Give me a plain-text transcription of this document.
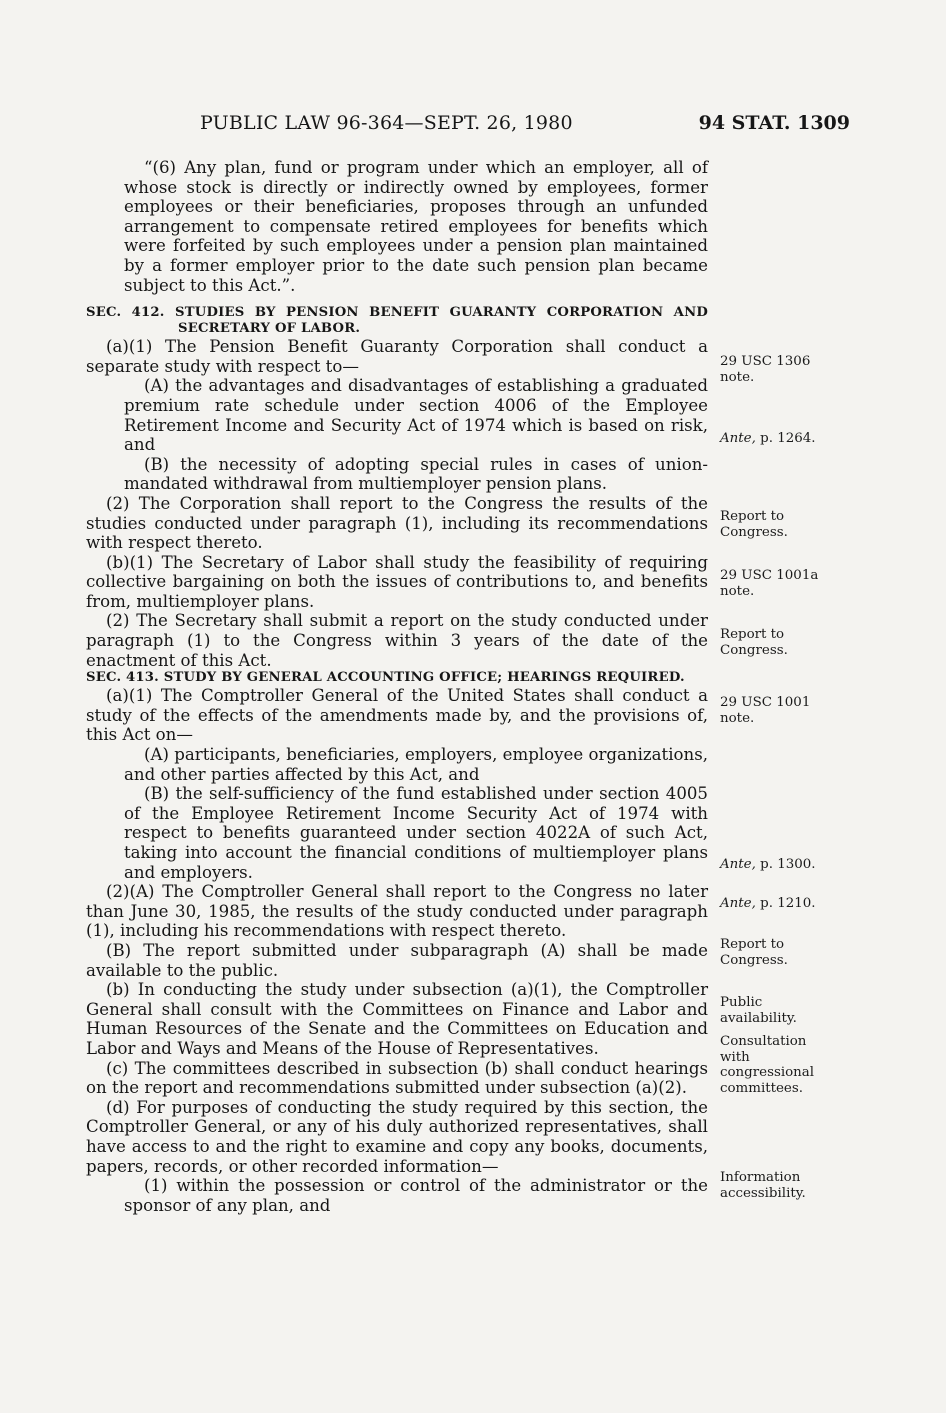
PUBLIC LAW 96-364—SEPT. 26, 1980	94 STAT. 1309

“(6) Any plan, fund or program under which an employer, all of whose stock is directly or indirectly owned by employees, former employees or their beneficiaries, proposes through an unfunded arrangement to compensate retired employees for benefits which were forfeited by such employees under a pension plan maintained by a former employer prior to the date such pension plan became subject to this Act.”.

SEC. 412. STUDIES BY PENSION BENEFIT GUARANTY CORPORATION AND SECRETARY OF LABOR.

(a)(1) The Pension Benefit Guaranty Corporation shall conduct a separate study with respect to—

(A) the advantages and disadvantages of establishing a graduated premium rate schedule under section 4006 of the Employee Retirement Income and Security Act of 1974 which is based on risk, and

(B) the necessity of adopting special rules in cases of union-mandated withdrawal from multiemployer pension plans.

(2) The Corporation shall report to the Congress the results of the studies conducted under paragraph (1), including its recommendations with respect thereto.

(b)(1) The Secretary of Labor shall study the feasibility of requiring collective bargaining on both the issues of contributions to, and benefits from, multiemployer plans.

(2) The Secretary shall submit a report on the study conducted under paragraph (1) to the Congress within 3 years of the date of the enactment of this Act.

SEC. 413. STUDY BY GENERAL ACCOUNTING OFFICE; HEARINGS REQUIRED.

(a)(1) The Comptroller General of the United States shall conduct a study of the effects of the amendments made by, and the provisions of, this Act on—

(A) participants, beneficiaries, employers, employee organizations, and other parties affected by this Act, and

(B) the self-sufficiency of the fund established under section 4005 of the Employee Retirement Income Security Act of 1974 with respect to benefits guaranteed under section 4022A of such Act, taking into account the financial conditions of multiemployer plans and employers.

(2)(A) The Comptroller General shall report to the Congress no later than June 30, 1985, the results of the study conducted under paragraph (1), including his recommendations with respect thereto.

(B) The report submitted under subparagraph (A) shall be made available to the public.

(b) In conducting the study under subsection (a)(1), the Comptroller General shall consult with the Committees on Finance and Labor and Human Resources of the Senate and the Committees on Education and Labor and Ways and Means of the House of Representatives.

(c) The committees described in subsection (b) shall conduct hearings on the report and recommendations submitted under subsection (a)(2).

(d) For purposes of conducting the study required by this section, the Comptroller General, or any of his duly authorized representatives, shall have access to and the right to examine and copy any books, documents, papers, records, or other recorded information—

(1) within the possession or control of the administrator or the sponsor of any plan, and

29 USC 1306 note.
Ante, p. 1264.
Report to Congress.
29 USC 1001a note.
Report to Congress.
29 USC 1001 note.
Ante, p. 1300.
Ante, p. 1210.
Report to Congress.
Public availability.
Consultation with congressional committees.
Information accessibility.
